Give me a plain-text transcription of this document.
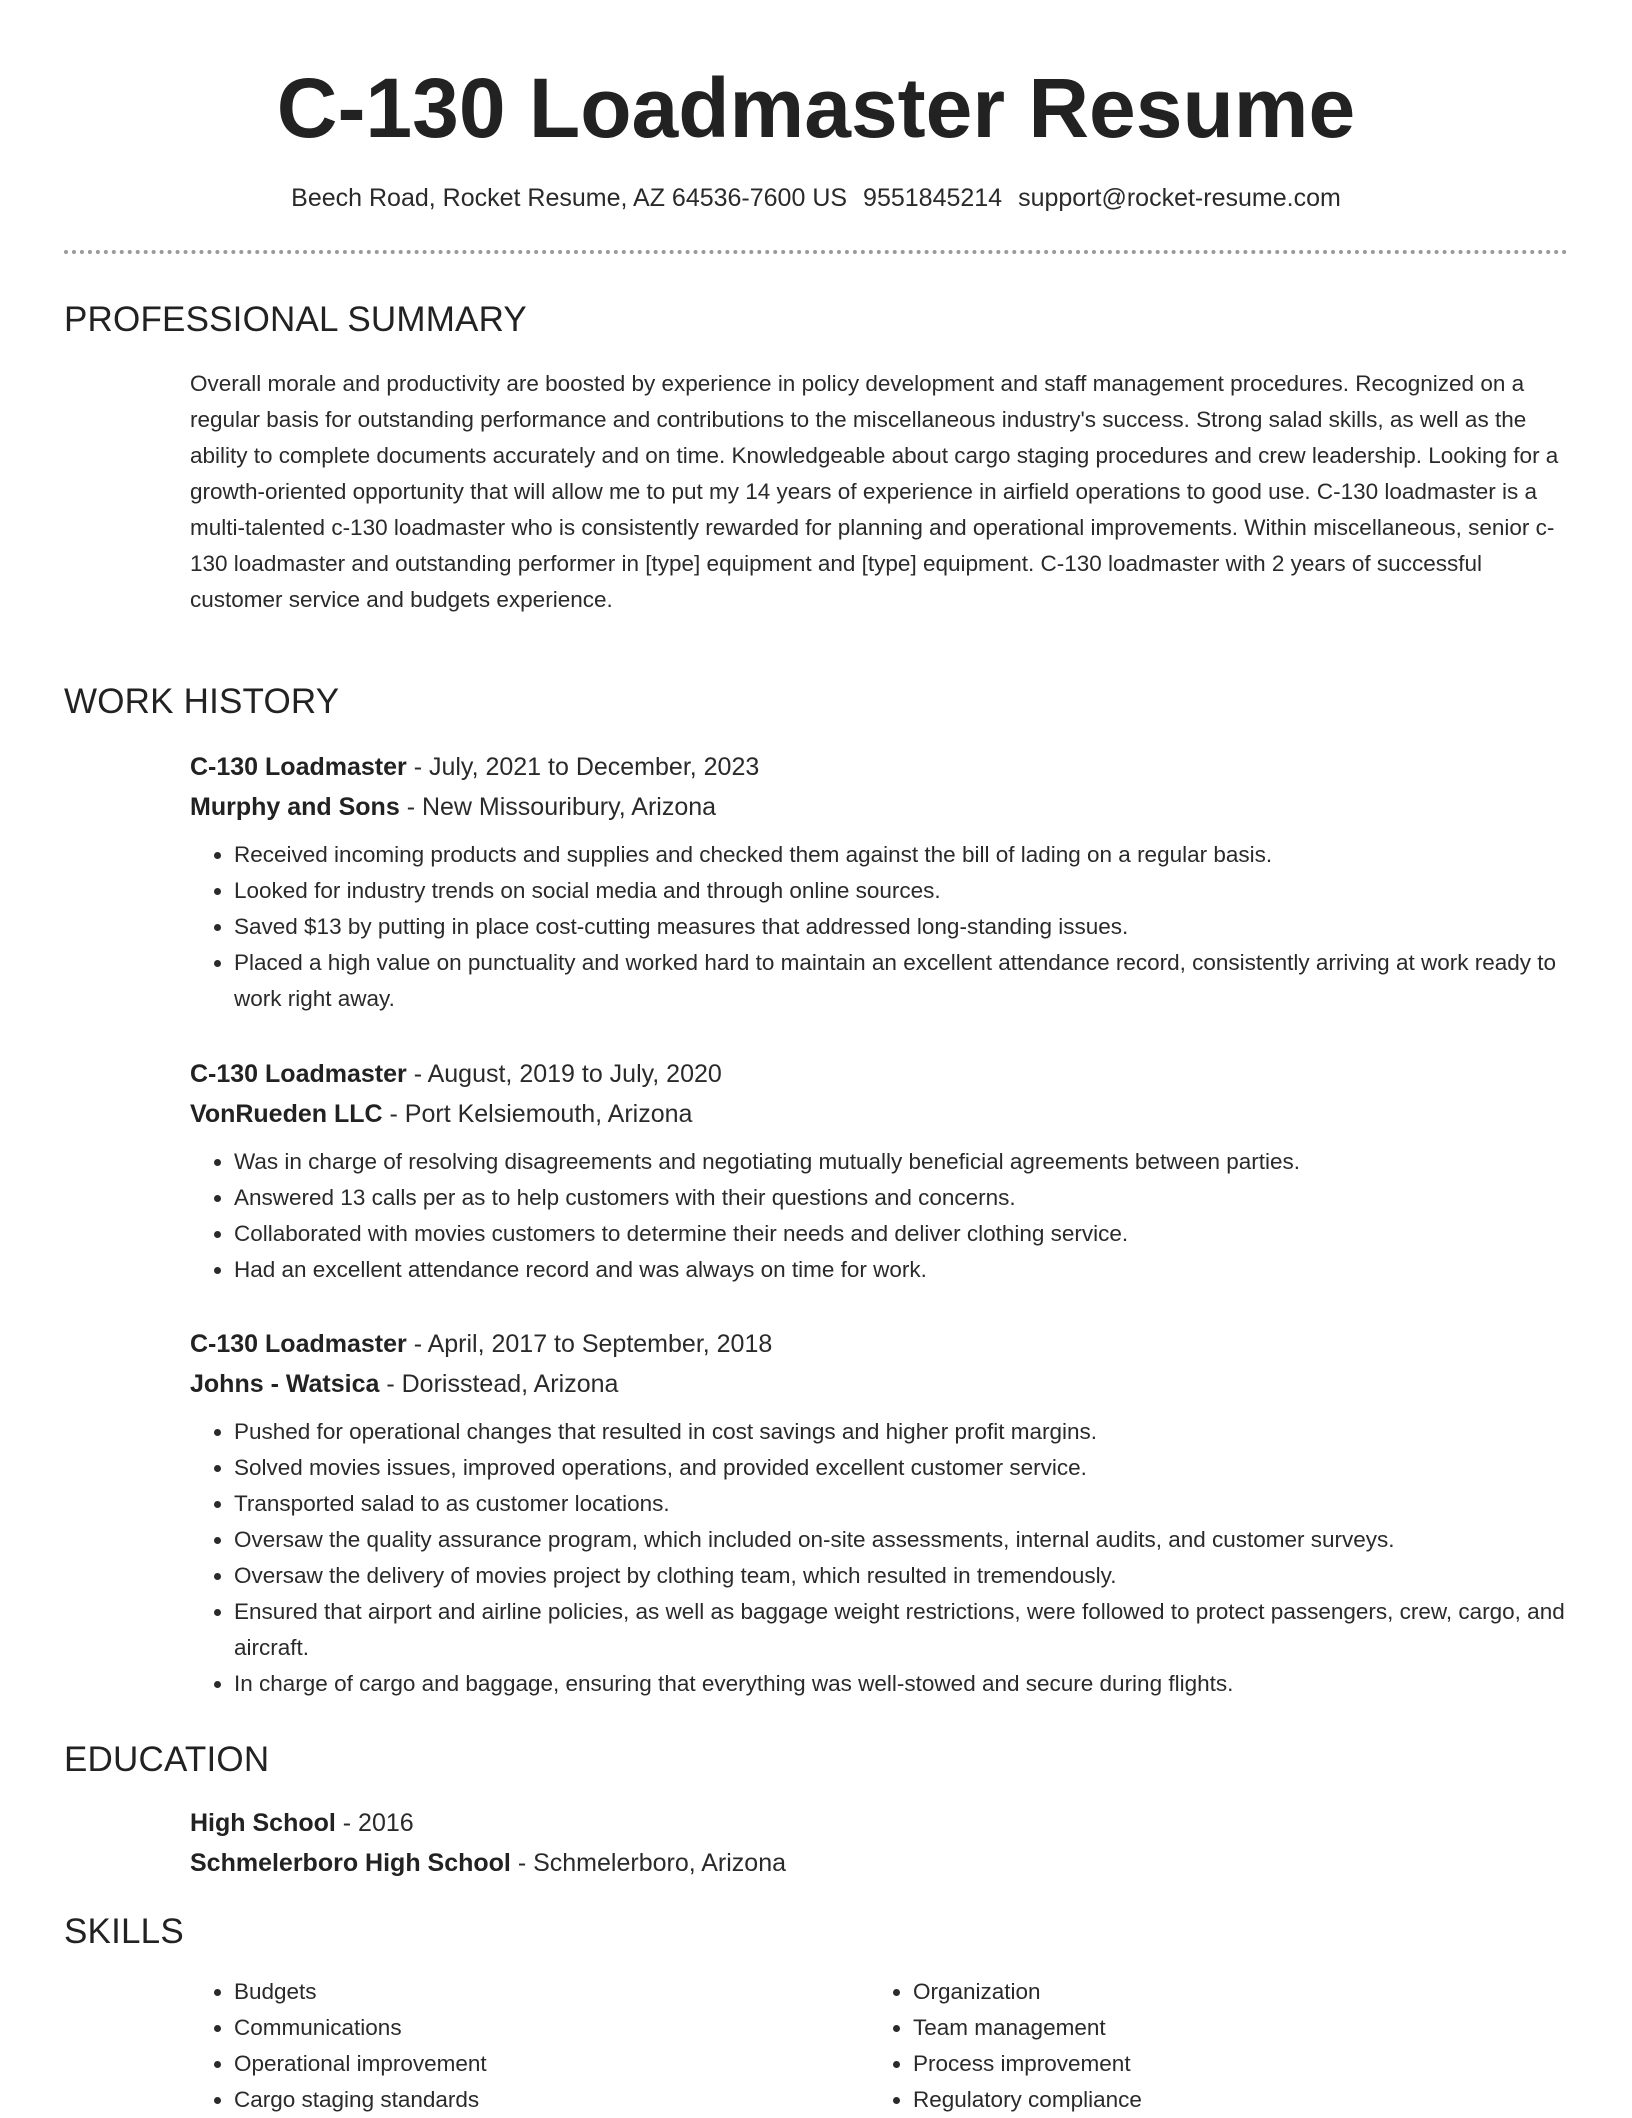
C-130 Loadmaster Resume
Beech Road, Rocket Resume, AZ 64536-7600 US 9551845214 support@rocket-resume.com
PROFESSIONAL SUMMARY

Overall morale and productivity are boosted by experience in policy development and staff management procedures. Recognized on a regular basis for outstanding performance and contributions to the miscellaneous industry's success. Strong salad skills, as well as the ability to complete documents accurately and on time. Knowledgeable about cargo staging procedures and crew leadership. Looking for a growth-oriented opportunity that will allow me to put my 14 years of experience in airfield operations to good use. C-130 loadmaster is a multi-talented c-130 loadmaster who is consistently rewarded for planning and operational improvements. Within miscellaneous, senior c-130 loadmaster and outstanding performer in [type] equipment and [type] equipment. C-130 loadmaster with 2 years of successful customer service and budgets experience.

WORK HISTORY

C-130 Loadmaster - July, 2021 to December, 2023

Murphy and Sons - New Missouribury, Arizona

• Received incoming products and supplies and checked them against the bill of lading on a regular basis.
• Looked for industry trends on social media and through online sources.
• Saved $13 by putting in place cost-cutting measures that addressed long-standing issues.
• Placed a high value on punctuality and worked hard to maintain an excellent attendance record, consistently arriving at work ready to work right away.

C-130 Loadmaster - August, 2019 to July, 2020

VonRueden LLC - Port Kelsiemouth, Arizona

• Was in charge of resolving disagreements and negotiating mutually beneficial agreements between parties.
• Answered 13 calls per as to help customers with their questions and concerns.
• Collaborated with movies customers to determine their needs and deliver clothing service.
• Had an excellent attendance record and was always on time for work.

C-130 Loadmaster - April, 2017 to September, 2018

Johns - Watsica - Dorisstead, Arizona

• Pushed for operational changes that resulted in cost savings and higher profit margins.
• Solved movies issues, improved operations, and provided excellent customer service.
• Transported salad to as customer locations.
• Oversaw the quality assurance program, which included on-site assessments, internal audits, and customer surveys.
• Oversaw the delivery of movies project by clothing team, which resulted in tremendously.
• Ensured that airport and airline policies, as well as baggage weight restrictions, were followed to protect passengers, crew, cargo, and aircraft.
• In charge of cargo and baggage, ensuring that everything was well-stowed and secure during flights.
EDUCATION

High School - 2016

Schmelerboro High School - Schmelerboro, Arizona

SKILLS
• Budgets
• Communications
• Operational improvement
• Cargo staging standards
• Organization
• Team management
• Process improvement
• Regulatory compliance
